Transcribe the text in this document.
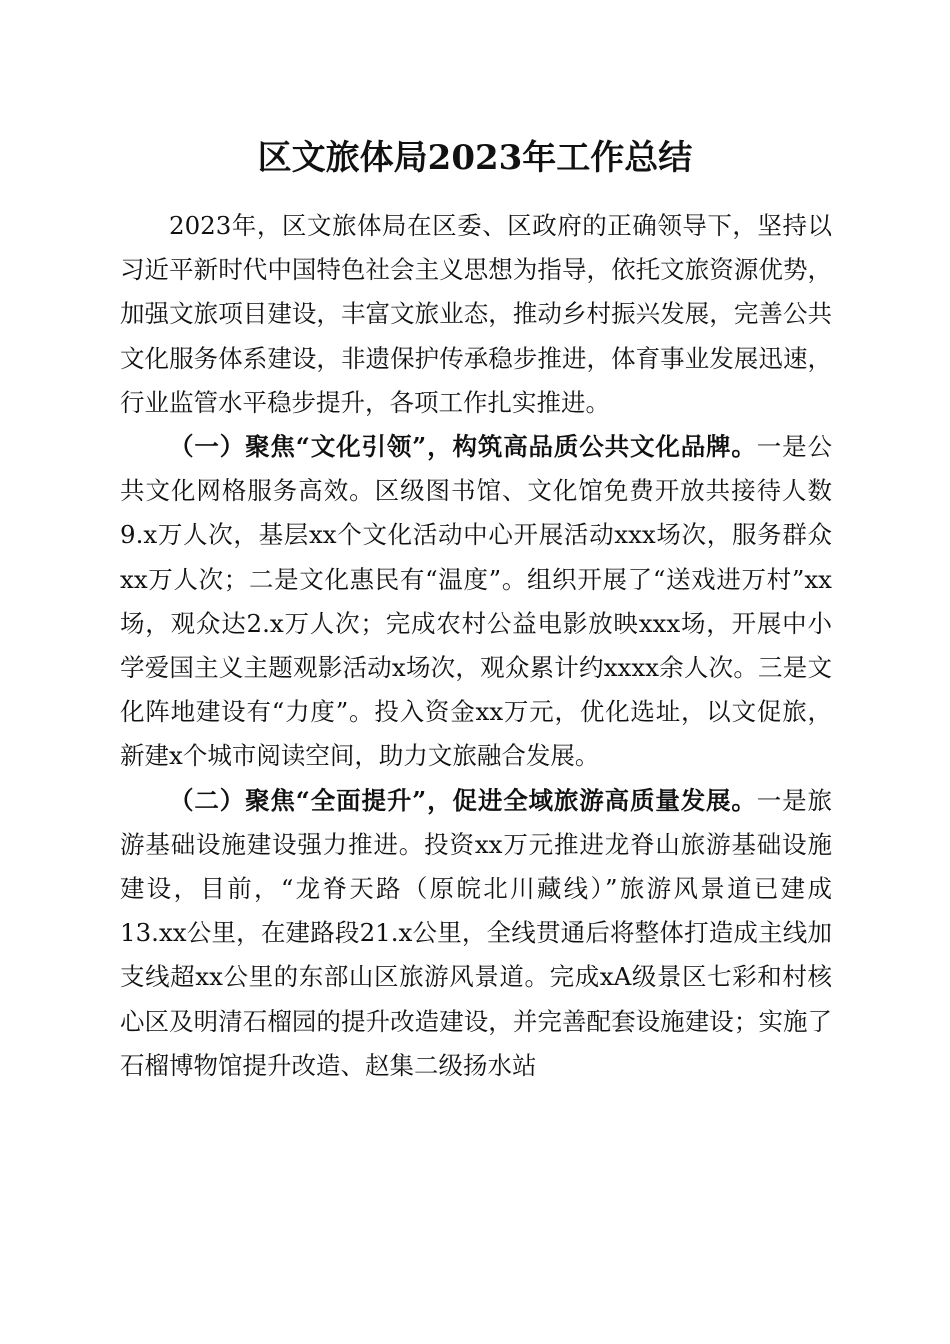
区文旅体局2023年工作总结

2023年，区文旅体局在区委、区政府的正确领导下，坚持以习近平新时代中国特色社会主义思想为指导，依托文旅资源优势，加强文旅项目建设，丰富文旅业态，推动乡村振兴发展，完善公共文化服务体系建设，非遗保护传承稳步推进，体育事业发展迅速，行业监管水平稳步提升，各项工作扎实推进。

（一）聚焦“文化引领”，构筑高品质公共文化品牌。一是公共文化网格服务高效。区级图书馆、文化馆免费开放共接待人数9.x万人次，基层xx个文化活动中心开展活动xxx场次，服务群众xx万人次；二是文化惠民有“温度”。组织开展了“送戏进万村”xx场，观众达2.x万人次；完成农村公益电影放映xxx场，开展中小学爱国主义主题观影活动x场次，观众累计约xxxx余人次。三是文化阵地建设有“力度”。投入资金xx万元，优化选址，以文促旅，新建x个城市阅读空间，助力文旅融合发展。

（二）聚焦“全面提升”，促进全域旅游高质量发展。一是旅游基础设施建设强力推进。投资xx万元推进龙脊山旅游基础设施建设，目前，“龙脊天路（原皖北川藏线）”旅游风景道已建成13.xx公里，在建路段21.x公里，全线贯通后将整体打造成主线加支线超xx公里的东部山区旅游风景道。完成xA级景区七彩和村核心区及明清石榴园的提升改造建设，并完善配套设施建设；实施了石榴博物馆提升改造、赵集二级扬水站
